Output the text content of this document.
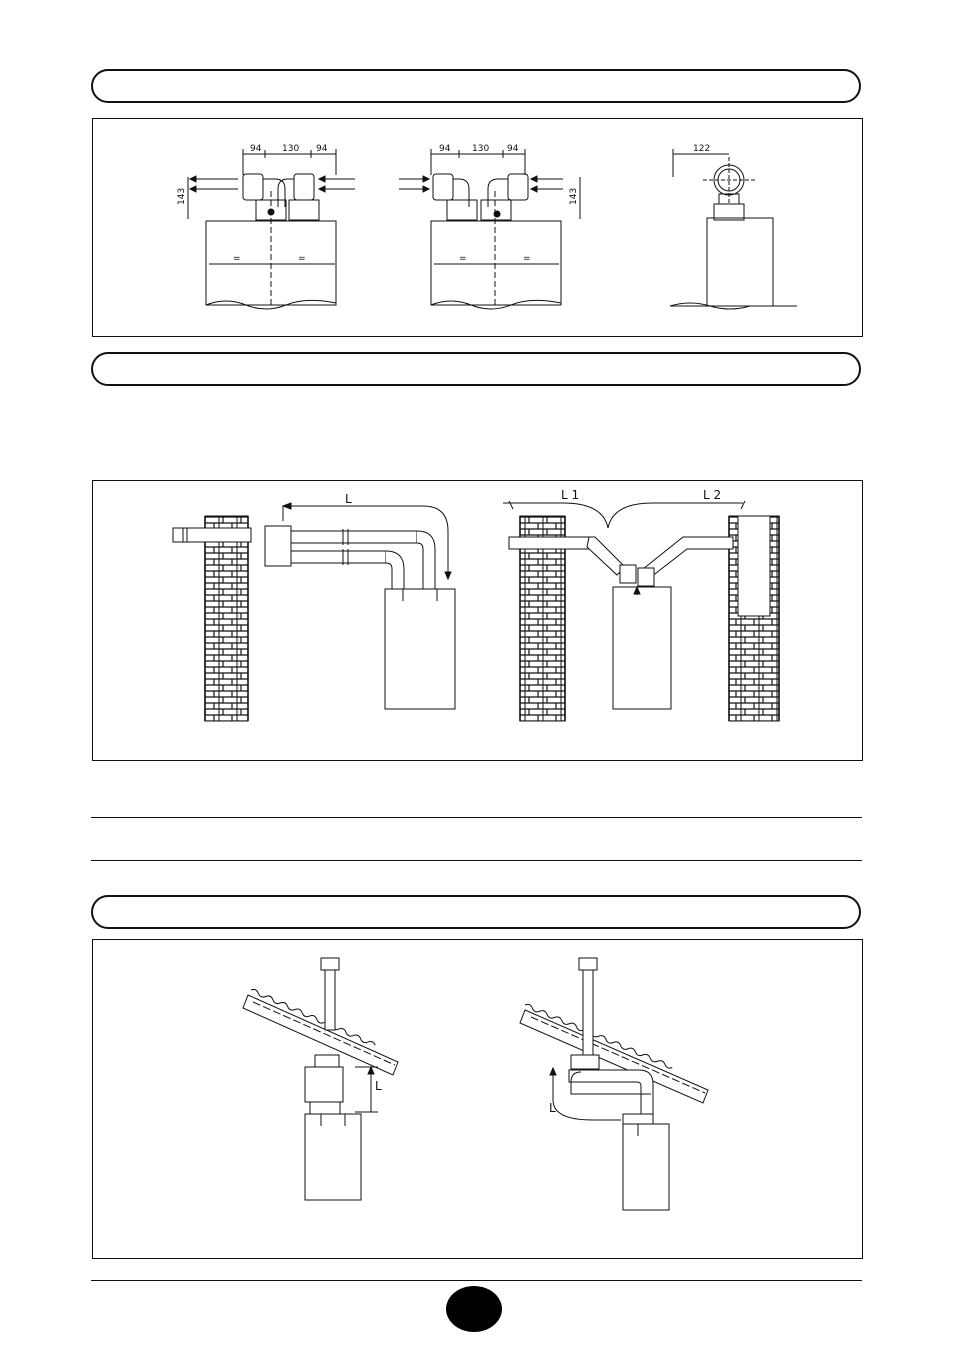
=	=
94 130 94
143
=	=
94 130 94
143
122
L	L 1	L 2
L
L
